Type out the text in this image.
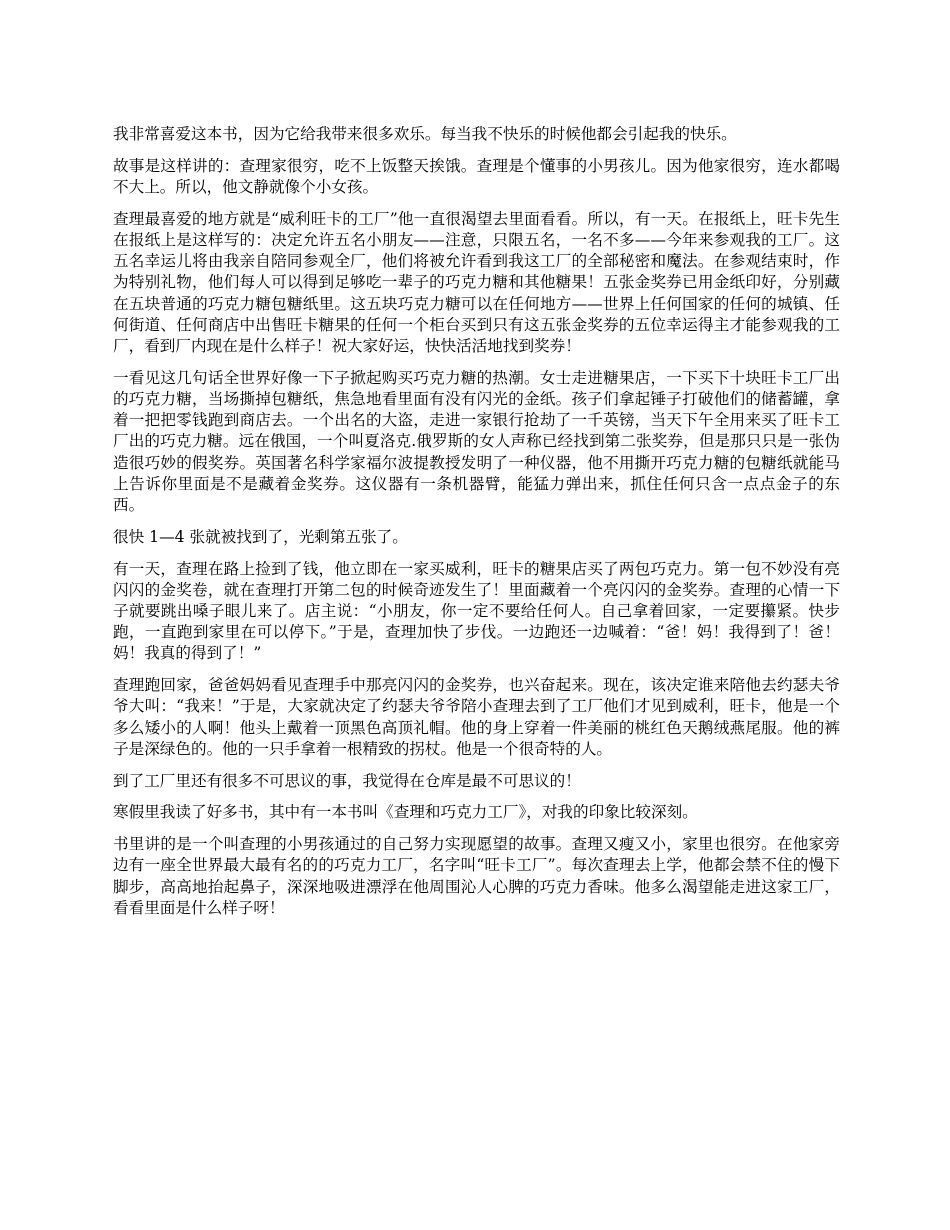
我非常喜爱这本书，因为它给我带来很多欢乐。每当我不快乐的时候他都会引起我的快乐。

故事是这样讲的：查理家很穷，吃不上饭整天挨饿。查理是个懂事的小男孩儿。因为他家很穷，连水都喝不大上。所以，他文静就像个小女孩。

查理最喜爱的地方就是“威利旺卡的工厂”他一直很渴望去里面看看。所以，有一天。在报纸上，旺卡先生在报纸上是这样写的：决定允许五名小朋友——注意，只限五名，一名不多——今年来参观我的工厂。这五名幸运儿将由我亲自陪同参观全厂，他们将被允许看到我这工厂的全部秘密和魔法。在参观结束时，作为特别礼物，他们每人可以得到足够吃一辈子的巧克力糖和其他糖果！五张金奖券已用金纸印好，分别藏在五块普通的巧克力糖包糖纸里。这五块巧克力糖可以在任何地方——世界上任何国家的任何的城镇、任何街道、任何商店中出售旺卡糖果的任何一个柜台买到只有这五张金奖券的五位幸运得主才能参观我的工厂，看到厂内现在是什么样子！祝大家好运，快快活活地找到奖券！

一看见这几句话全世界好像一下子掀起购买巧克力糖的热潮。女士走进糖果店，一下买下十块旺卡工厂出的巧克力糖，当场撕掉包糖纸，焦急地看里面有没有闪光的金纸。孩子们拿起锤子打破他们的储蓄罐，拿着一把把零钱跑到商店去。一个出名的大盗，走进一家银行抢劫了一千英镑，当天下午全用来买了旺卡工厂出的巧克力糖。远在俄国，一个叫夏洛克.俄罗斯的女人声称已经找到第二张奖券，但是那只只是一张伪造很巧妙的假奖券。英国著名科学家福尔波提教授发明了一种仪器，他不用撕开巧克力糖的包糖纸就能马上告诉你里面是不是藏着金奖券。这仪器有一条机器臂，能猛力弹出来，抓住任何只含一点点金子的东西。

很快 1—4 张就被找到了，光剩第五张了。

有一天，查理在路上捡到了钱，他立即在一家买威利，旺卡的糖果店买了两包巧克力。第一包不妙没有亮闪闪的金奖卷，就在查理打开第二包的时候奇迹发生了！里面藏着一个亮闪闪的金奖券。查理的心情一下子就要跳出嗓子眼儿来了。店主说：“小朋友，你一定不要给任何人。自己拿着回家，一定要攥紧。快步跑，一直跑到家里在可以停下。”于是，查理加快了步伐。一边跑还一边喊着：“爸！妈！我得到了！爸！妈！我真的得到了！”

查理跑回家，爸爸妈妈看见查理手中那亮闪闪的金奖券，也兴奋起来。现在，该决定谁来陪他去约瑟夫爷爷大叫：“我来！”于是，大家就决定了约瑟夫爷爷陪小查理去到了工厂他们才见到威利，旺卡，他是一个多么矮小的人啊！他头上戴着一顶黑色高顶礼帽。他的身上穿着一件美丽的桃红色天鹅绒燕尾服。他的裤子是深绿色的。他的一只手拿着一根精致的拐杖。他是一个很奇特的人。

到了工厂里还有很多不可思议的事，我觉得在仓库是最不可思议的！

寒假里我读了好多书，其中有一本书叫《查理和巧克力工厂》，对我的印象比较深刻。

书里讲的是一个叫查理的小男孩通过的自己努力实现愿望的故事。查理又瘦又小，家里也很穷。在他家旁边有一座全世界最大最有名的的巧克力工厂，名字叫“旺卡工厂”。每次查理去上学，他都会禁不住的慢下脚步，高高地抬起鼻子，深深地吸进漂浮在他周围沁人心脾的巧克力香味。他多么渴望能走进这家工厂，看看里面是什么样子呀！
